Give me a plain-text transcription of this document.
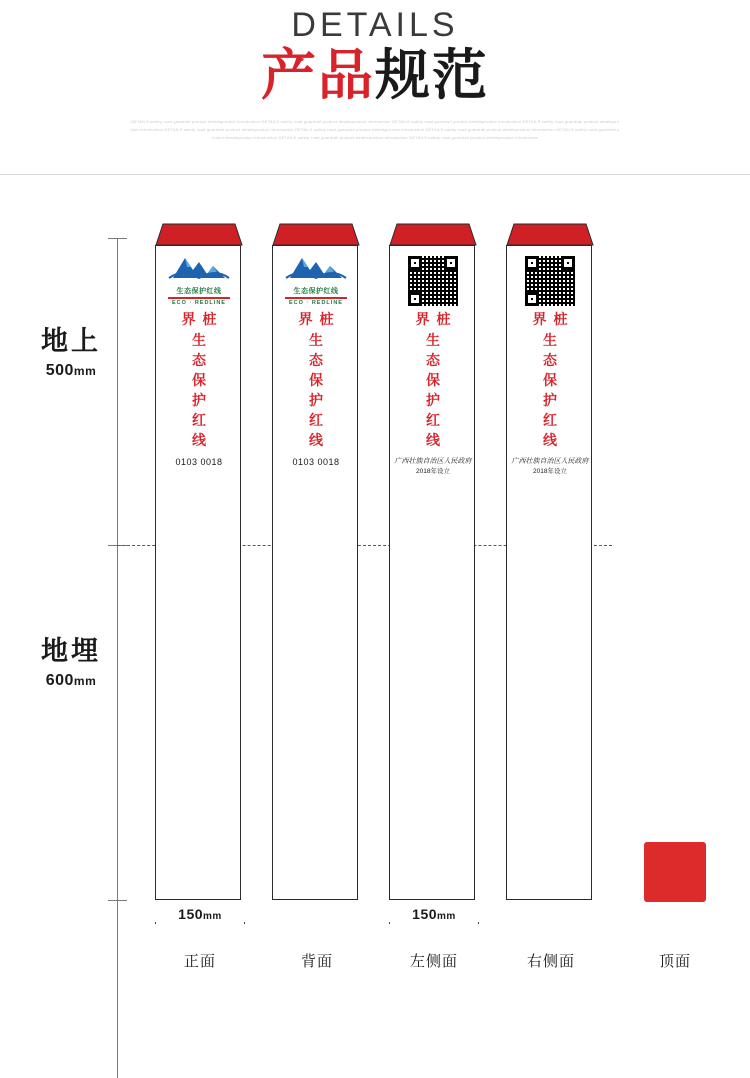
DETAILS
产品规范
DETAILS safety road guardrail product detailsproduct introduction DETAILS safety road guardrail product detailsproduct introduction DETAILS safety road guardrail product detailsproduct introduction DETAILS safety road guardrail product detailsproduct introduction DETAILS safety road guardrail product detailsproduct introduction DETAILS safety road guardrail product detailsproduct introduction DETAILS safety road guardrail product detailsproduct introduction DETAILS safety road guardrail product detailsproduct introduction DETAILS safety road guardrail product detailsproduct introduction DETAILS safety road guardrail product detailsproduct introduction
地上
500mm
地埋
600mm
生态保护红线
ECO · REDLINE
界桩
生
态
保
护
红
线
0103 0018
生态保护红线
ECO · REDLINE
界桩
生
态
保
护
红
线
0103 0018
界桩
生
态
保
护
红
线
广西壮族自治区人民政府
2018年设立
界桩
生
态
保
护
红
线
广西壮族自治区人民政府
2018年设立
150mm	150mm
正面	背面	左侧面	右侧面	顶面
